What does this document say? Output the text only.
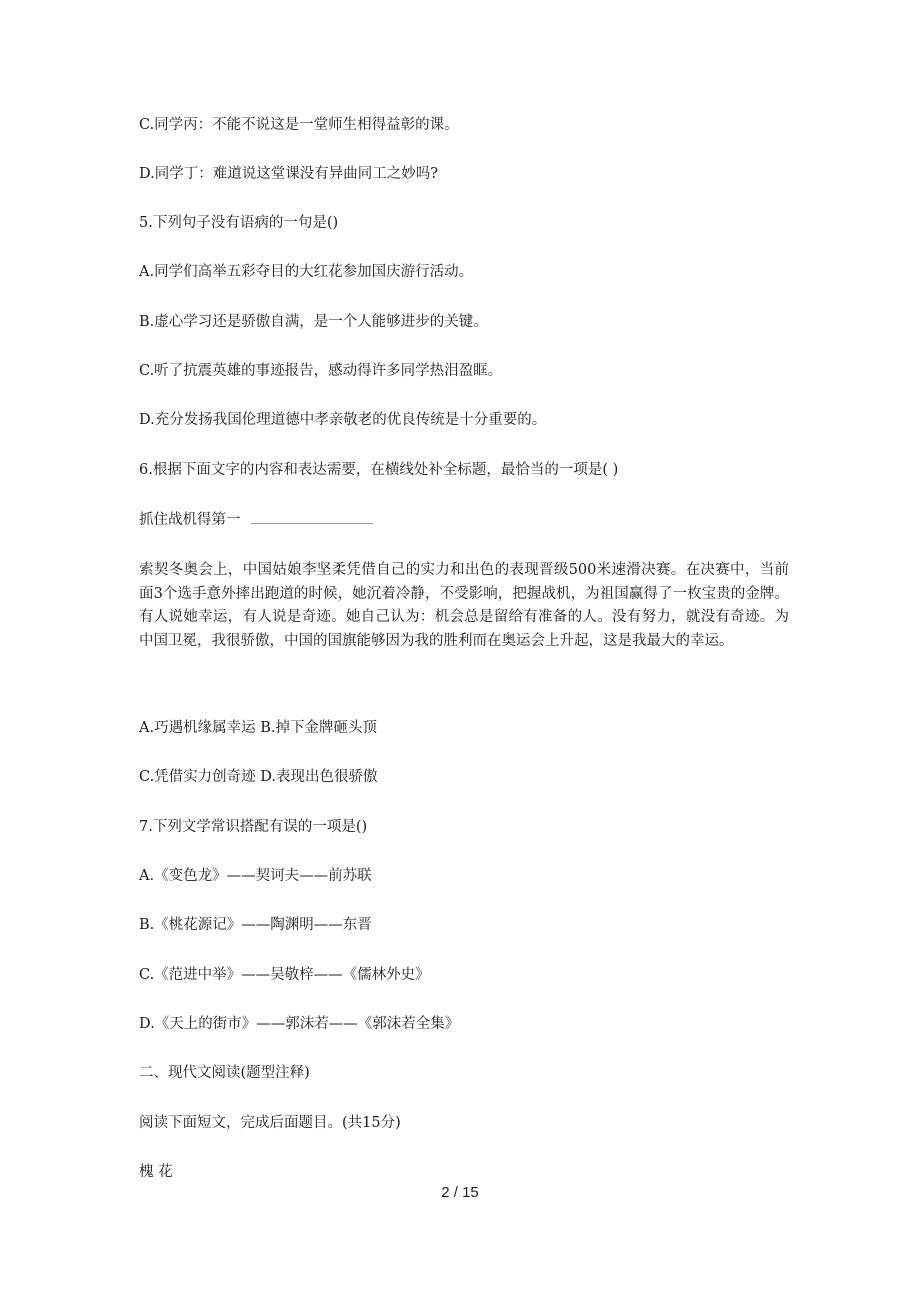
C.同学丙：不能不说这是一堂师生相得益彰的课。
D.同学丁：难道说这堂课没有异曲同工之妙吗?
5.下列句子没有语病的一句是()
A.同学们高举五彩夺目的大红花参加国庆游行活动。
B.虚心学习还是骄傲自满，是一个人能够进步的关键。
C.听了抗震英雄的事迹报告，感动得许多同学热泪盈眶。
D.充分发扬我国伦理道德中孝亲敬老的优良传统是十分重要的。
6.根据下面文字的内容和表达需要，在横线处补全标题，最恰当的一项是( )
抓住战机得第一
索契冬奥会上，中国姑娘李坚柔凭借自己的实力和出色的表现晋级500米速滑决赛。在决赛中，当前面3个选手意外摔出跑道的时候，她沉着冷静，不受影响，把握战机，为祖国赢得了一枚宝贵的金牌。有人说她幸运，有人说是奇迹。她自己认为：机会总是留给有准备的人。没有努力，就没有奇迹。为中国卫冕，我很骄傲，中国的国旗能够因为我的胜利而在奥运会上升起，这是我最大的幸运。
A.巧遇机缘属幸运 B.掉下金牌砸头顶
C.凭借实力创奇迹 D.表现出色很骄傲
7.下列文学常识搭配有误的一项是()
A.《变色龙》——契诃夫——前苏联
B.《桃花源记》——陶渊明——东晋
C.《范进中举》——吴敬梓——《儒林外史》
D.《天上的街市》——郭沫若——《郭沫若全集》
二、现代文阅读(题型注释)
阅读下面短文，完成后面题目。(共15分)
槐 花
2 / 15
